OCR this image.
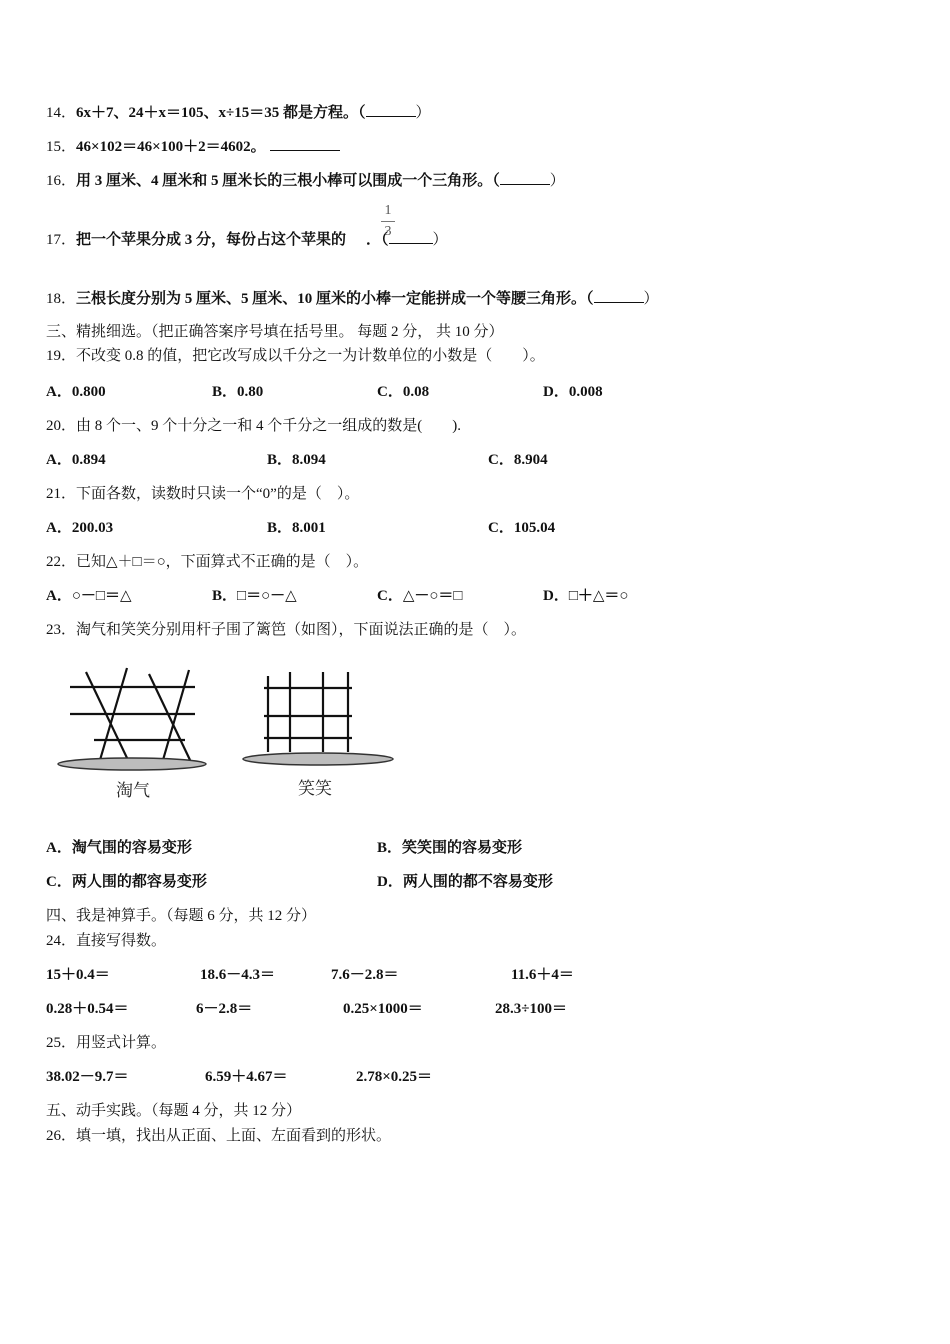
14．6x＋7、24＋x＝105、x÷15＝35 都是方程。（	）
15．46×102＝46×100＋2＝4602。
16．用 3 厘米、4 厘米和 5 厘米长的三根小棒可以围成一个三角形。（	）
17．把一个苹果分成 3 分，每份占这个苹果的 ．（	）
1
3
18．三根长度分别为 5 厘米、5 厘米、10 厘米的小棒一定能拼成一个等腰三角形。（	）
三、精挑细选。（把正确答案序号填在括号里。 每题 2 分， 共 10 分）
19．不改变 0.8 的值，把它改写成以千分之一为计数单位的小数是（　　）。
A．0.800	B．0.80	C．0.08	D．0.008
20．由 8 个一、9 个十分之一和 4 个千分之一组成的数是(　　).
A．0.894	B．8.094	C．8.904
21．下面各数，读数时只读一个“0”的是（　）。
A．200.03	B．8.001	C．105.04
22．已知△＋□＝○，下面算式不正确的是（　）。
A．○－□＝△	B．□＝○－△	C．△－○＝□	D．□＋△＝○
23．淘气和笑笑分别用杆子围了篱笆（如图），下面说法正确的是（　）。
淘气	笑笑
A．淘气围的容易变形	B．笑笑围的容易变形
C．两人围的都容易变形	D．两人围的都不容易变形
四、我是神算手。（每题 6 分，共 12 分）
24．直接写得数。
15＋0.4＝	18.6－4.3＝	7.6－2.8＝	11.6＋4＝
0.28＋0.54＝	6－2.8＝	0.25×1000＝	28.3÷100＝
25．用竖式计算。
38.02－9.7＝	6.59＋4.67＝	2.78×0.25＝
五、动手实践。（每题 4 分，共 12 分）
26．填一填，找出从正面、上面、左面看到的形状。
